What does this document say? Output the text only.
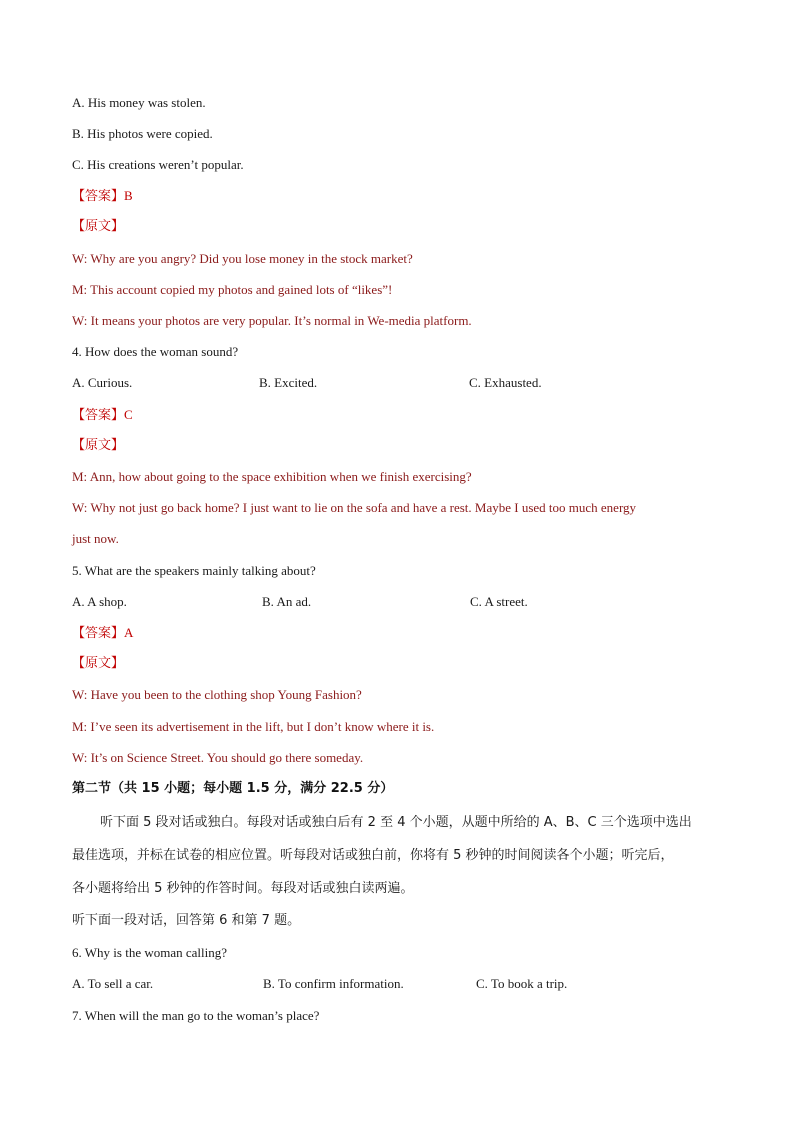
A. His money was stolen.
B. His photos were copied.
C. His creations weren’t popular.
【答案】B
【原文】
W: Why are you angry? Did you lose money in the stock market?
M: This account copied my photos and gained lots of “likes”!
W: It means your photos are very popular. It’s normal in We-media platform.
4. How does the woman sound?
A. Curious.	B. Excited.	C. Exhausted.
【答案】C
【原文】
M: Ann, how about going to the space exhibition when we finish exercising?
W: Why not just go back home? I just want to lie on the sofa and have a rest. Maybe I used too much energy
just now.
5. What are the speakers mainly talking about?
A. A shop.	B. An ad.	C. A street.
【答案】A
【原文】
W: Have you been to the clothing shop Young Fashion?
M: I’ve seen its advertisement in the lift, but I don’t know where it is.
W: It’s on Science Street. You should go there someday.
第二节（共 15 小题；每小题 1.5 分，满分 22.5 分）
听下面 5 段对话或独白。每段对话或独白后有 2 至 4 个小题，从题中所给的 A、B、C 三个选项中选出
最佳选项，并标在试卷的相应位置。听每段对话或独白前，你将有 5 秒钟的时间阅读各个小题；听完后，
各小题将给出 5 秒钟的作答时间。每段对话或独白读两遍。
听下面一段对话，回答第 6 和第 7 题。
6. Why is the woman calling?
A. To sell a car.	B. To confirm information.	C. To book a trip.
7. When will the man go to the woman’s place?
